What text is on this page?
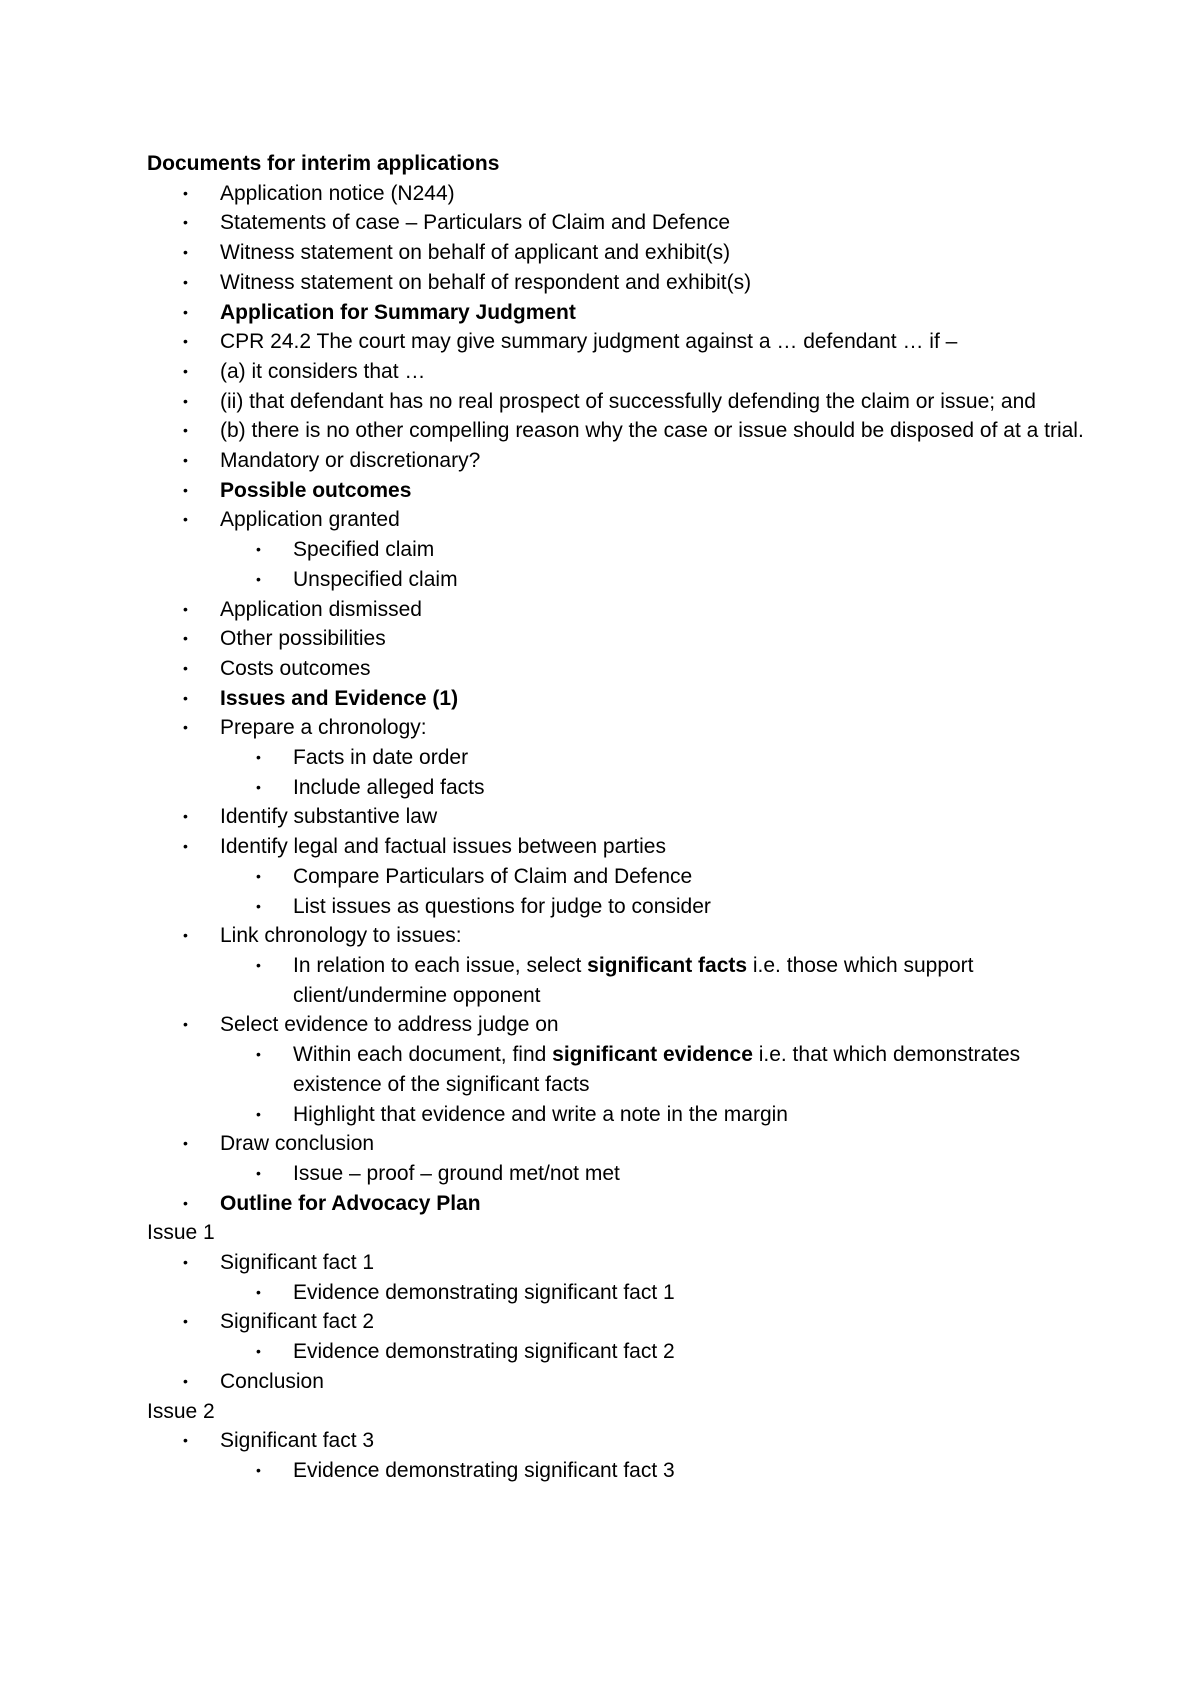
Documents for interim applications

• Application notice (N244)
• Statements of case – Particulars of Claim and Defence
• Witness statement on behalf of applicant and exhibit(s)
• Witness statement on behalf of respondent and exhibit(s)
• Application for Summary Judgment
• CPR 24.2 The court may give summary judgment against a … defendant … if –
• (a) it considers that …
• (ii) that defendant has no real prospect of successfully defending the claim or issue; and
• (b) there is no other compelling reason why the case or issue should be disposed of at a trial.
• Mandatory or discretionary?
• Possible outcomes
• Application granted
• Specified claim
• Unspecified claim
• Application dismissed
• Other possibilities
• Costs outcomes
• Issues and Evidence (1)
• Prepare a chronology:
• Facts in date order
• Include alleged facts
• Identify substantive law
• Identify legal and factual issues between parties
• Compare Particulars of Claim and Defence
• List issues as questions for judge to consider
• Link chronology to issues:
• In relation to each issue, select significant facts i.e. those which support client/undermine opponent
• Select evidence to address judge on
• Within each document, find significant evidence i.e. that which demonstrates existence of the significant facts
• Highlight that evidence and write a note in the margin
• Draw conclusion
• Issue – proof – ground met/not met
• Outline for Advocacy Plan

Issue 1

• Significant fact 1
• Evidence demonstrating significant fact 1
• Significant fact 2
• Evidence demonstrating significant fact 2
• Conclusion

Issue 2

• Significant fact 3
• Evidence demonstrating significant fact 3
